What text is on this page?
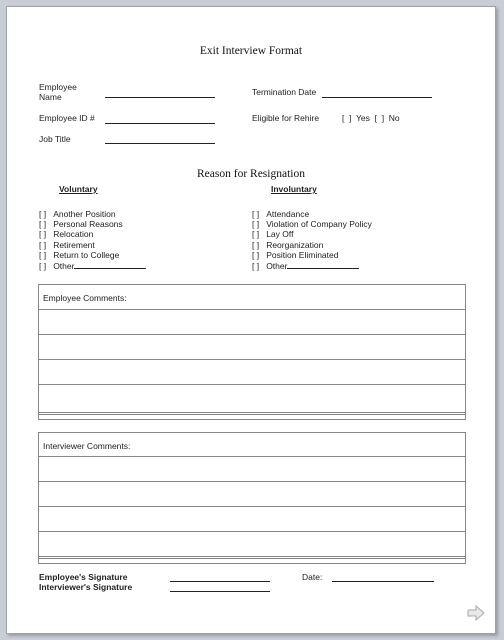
Exit Interview Format
Employee
Name	Termination Date
Employee ID #	Eligible for Rehire	[  ]  Yes  [  ]  No
Job Title
Reason for Resignation
Voluntary
[ ] Another Position
[ ] Personal Reasons
[ ] Relocation
[ ] Retirement
[ ] Return to College
[ ] Other
Involuntary
[ ] Attendance
[ ] Violation of Company Policy
[ ] Lay Off
[ ] Reorganization
[ ] Position Eliminated
[ ] Other
Employee Comments:
Interviewer Comments:
Employee's Signature
Interviewer's Signature
Date:
